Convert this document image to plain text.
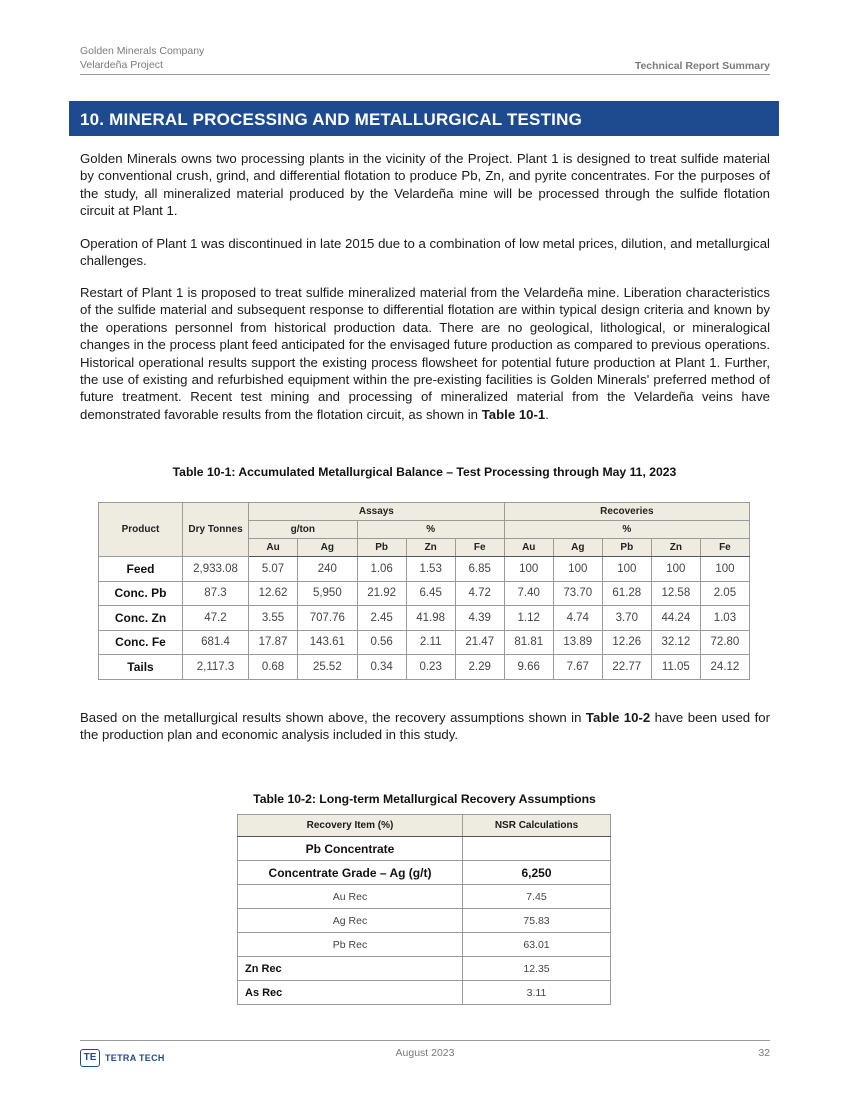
Golden Minerals Company
Velardeña Project	Technical Report Summary
10. MINERAL PROCESSING AND METALLURGICAL TESTING

Golden Minerals owns two processing plants in the vicinity of the Project. Plant 1 is designed to treat sulfide material by conventional crush, grind, and differential flotation to produce Pb, Zn, and pyrite concentrates. For the purposes of the study, all mineralized material produced by the Velardeña mine will be processed through the sulfide flotation circuit at Plant 1.

Operation of Plant 1 was discontinued in late 2015 due to a combination of low metal prices, dilution, and metallurgical challenges.

Restart of Plant 1 is proposed to treat sulfide mineralized material from the Velardeña mine. Liberation characteristics of the sulfide material and subsequent response to differential flotation are within typical design criteria and known by the operations personnel from historical production data. There are no geological, lithological, or mineralogical changes in the process plant feed anticipated for the envisaged future production as compared to previous operations. Historical operational results support the existing process flowsheet for potential future production at Plant 1. Further, the use of existing and refurbished equipment within the pre-existing facilities is Golden Minerals' preferred method of future treatment. Recent test mining and processing of mineralized material from the Velardeña veins have demonstrated favorable results from the flotation circuit, as shown in Table 10-1.

Table 10-1: Accumulated Metallurgical Balance – Test Processing through May 11, 2023
Product	Dry Tonnes	Assays					Recoveries				
		g/ton		%			%				
		Au	Ag	Pb	Zn	Fe	Au	Ag	Pb	Zn	Fe
Feed	2,933.08	5.07	240	1.06	1.53	6.85	100	100	100	100	100
Conc. Pb	87.3	12.62	5,950	21.92	6.45	4.72	7.40	73.70	61.28	12.58	2.05
Conc. Zn	47.2	3.55	707.76	2.45	41.98	4.39	1.12	4.74	3.70	44.24	1.03
Conc. Fe	681.4	17.87	143.61	0.56	2.11	21.47	81.81	13.89	12.26	32.12	72.80
Tails	2,117.3	0.68	25.52	0.34	0.23	2.29	9.66	7.67	22.77	11.05	24.12

Based on the metallurgical results shown above, the recovery assumptions shown in Table 10-2 have been used for the production plan and economic analysis included in this study.

Table 10-2: Long-term Metallurgical Recovery Assumptions
Recovery Item (%)	NSR Calculations
Pb Concentrate	
Concentrate Grade – Ag (g/t)	6,250
Au Rec	7.45
Ag Rec	75.83
Pb Rec	63.01
Zn Rec	12.35
As Rec	3.11
TE TETRA TECH	August 2023	32
